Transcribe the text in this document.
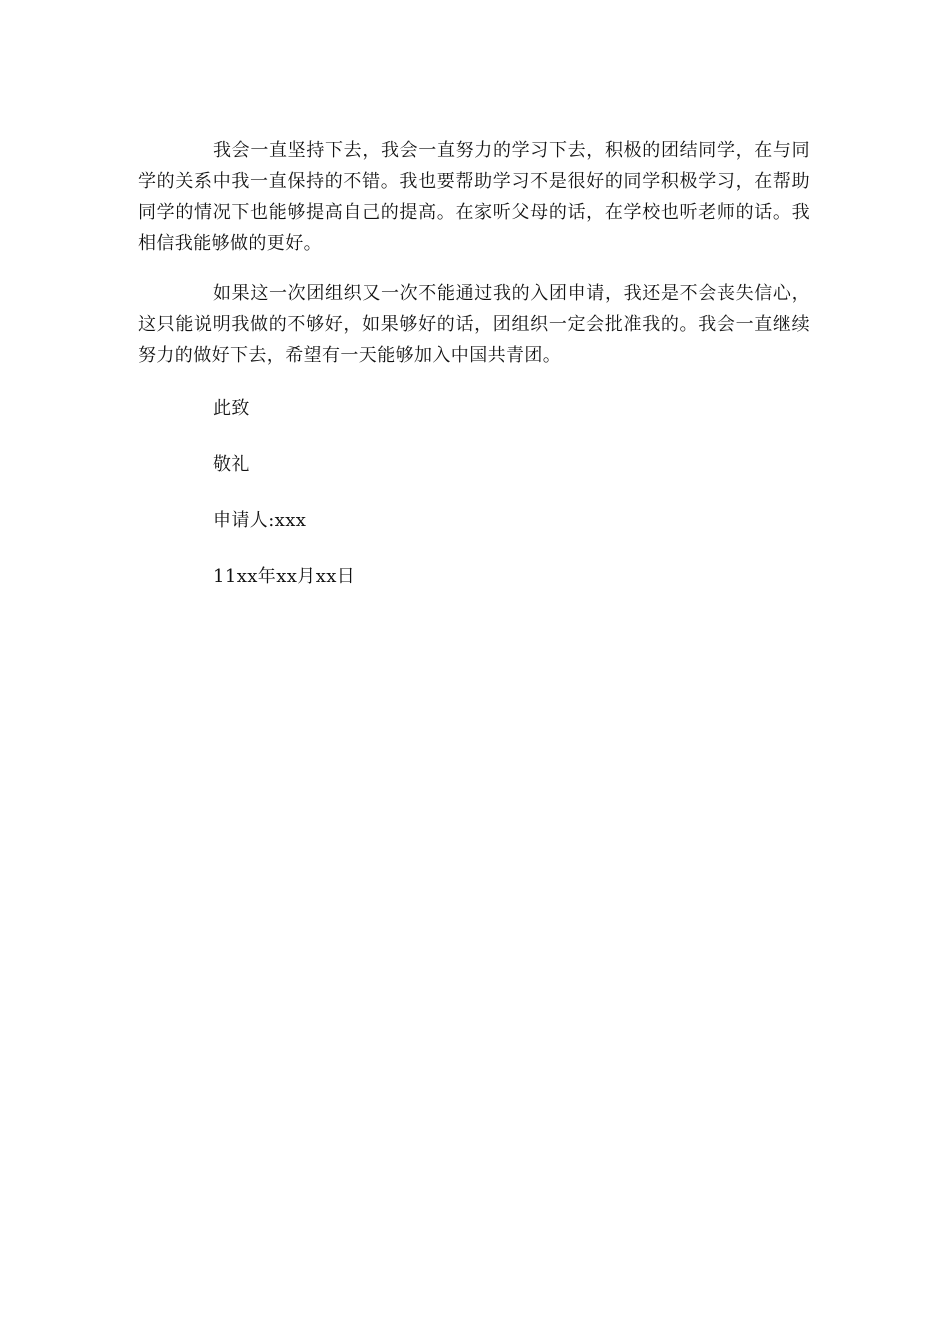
我会一直坚持下去，我会一直努力的学习下去，积极的团结同学，在与同学的关系中我一直保持的不错。我也要帮助学习不是很好的同学积极学习，在帮助同学的情况下也能够提高自己的提高。在家听父母的话，在学校也听老师的话。我相信我能够做的更好。

如果这一次团组织又一次不能通过我的入团申请，我还是不会丧失信心，这只能说明我做的不够好，如果够好的话，团组织一定会批准我的。我会一直继续努力的做好下去，希望有一天能够加入中国共青团。

此致

敬礼

申请人:xxx

11xx年xx月xx日
